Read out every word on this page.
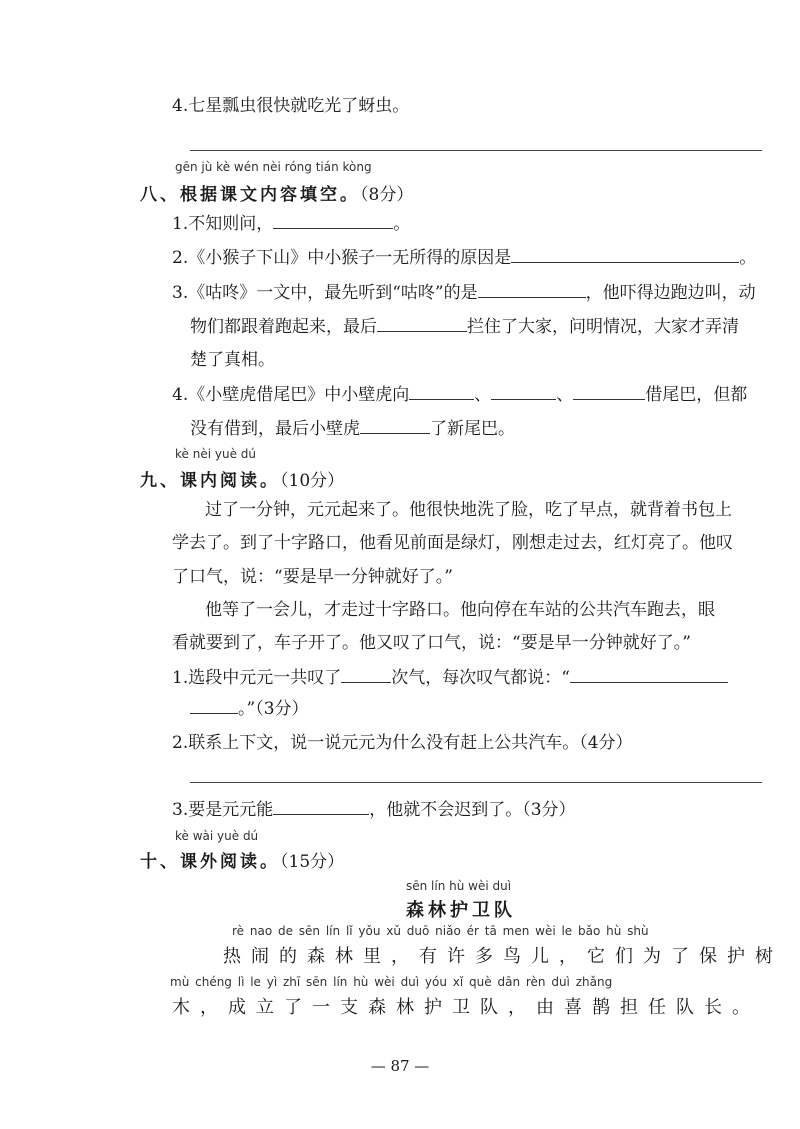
4.七星瓢虫很快就吃光了蚜虫。
gēn jù kè wén nèi róng tián kòng
八、根据课文内容填空。（8分）
1.不知则问，	。
2.《小猴子下山》中小猴子一无所得的原因是	。
3.《咕咚》一文中，最先听到“咕咚”的是	，他吓得边跑边叫，动
物们都跟着跑起来，最后	拦住了大家，问明情况，大家才弄清
楚了真相。
4.《小壁虎借尾巴》中小壁虎向	、	、	借尾巴，但都
没有借到，最后小壁虎	了新尾巴。
kè nèi yuè dú
九、课内阅读。（10分）
过了一分钟，元元起来了。他很快地洗了脸，吃了早点，就背着书包上
学去了。到了十字路口，他看见前面是绿灯，刚想走过去，红灯亮了。他叹
了口气，说：“要是早一分钟就好了。”
他等了一会儿，才走过十字路口。他向停在车站的公共汽车跑去，眼
看就要到了，车子开了。他又叹了口气，说：“要是早一分钟就好了。”
1.选段中元元一共叹了	次气，每次叹气都说：“
。”（3分）
2.联系上下文，说一说元元为什么没有赶上公共汽车。（4分）
3.要是元元能	，他就不会迟到了。（3分）
kè wài yuè dú
十、课外阅读。（15分）
sēn lín hù wèi duì
森林护卫队
rè nao de sēn lín lǐ yǒu xǔ duō niǎo ér tā men wèi le bǎo hù shù
热闹的森林里，有许多鸟儿，它们为了保护树
mù chéng lì le yì zhī sēn lín hù wèi duì yóu xǐ què dān rèn duì zhǎng
木，成立了一支森林护卫队，由喜鹊担任队长。
— 87 —
